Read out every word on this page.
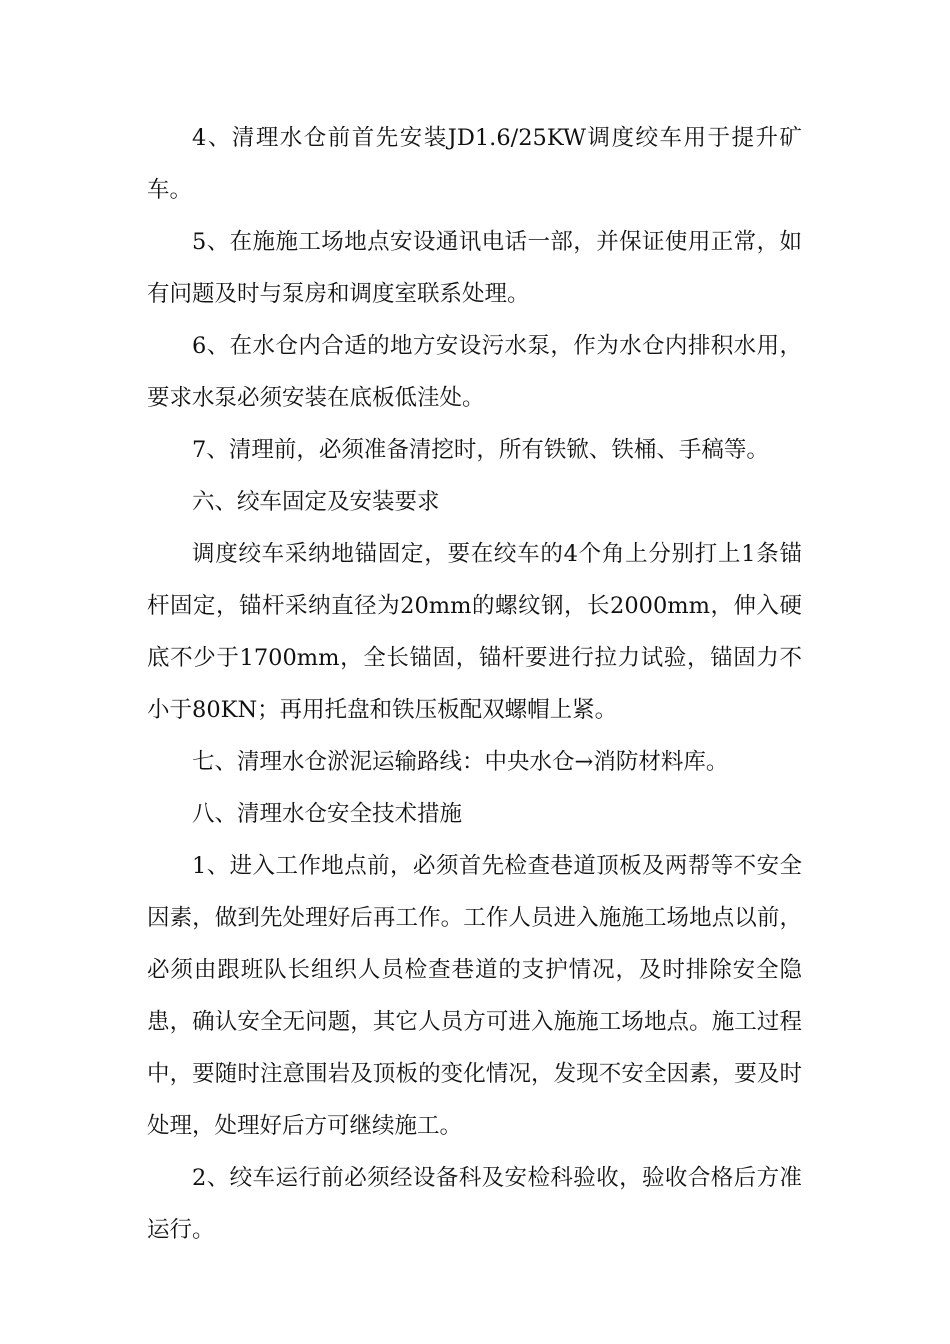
4、清理水仓前首先安装JD1.6/25KW调度绞车用于提升矿车。

5、在施施工场地点安设通讯电话一部，并保证使用正常，如有问题及时与泵房和调度室联系处理。

6、在水仓内合适的地方安设污水泵，作为水仓内排积水用，要求水泵必须安装在底板低洼处。

7、清理前，必须准备清挖时，所有铁锨、铁桶、手稿等。

六、绞车固定及安装要求

调度绞车采纳地锚固定，要在绞车的4个角上分别打上1条锚杆固定，锚杆采纳直径为20mm的螺纹钢，长2000mm，伸入硬底不少于1700mm，全长锚固，锚杆要进行拉力试验，锚固力不小于80KN；再用托盘和铁压板配双螺帽上紧。

七、清理水仓淤泥运输路线：中央水仓→消防材料库。

八、清理水仓安全技术措施

1、进入工作地点前，必须首先检查巷道顶板及两帮等不安全因素，做到先处理好后再工作。工作人员进入施施工场地点以前，必须由跟班队长组织人员检查巷道的支护情况，及时排除安全隐患，确认安全无问题，其它人员方可进入施施工场地点。施工过程中，要随时注意围岩及顶板的变化情况，发现不安全因素，要及时处理，处理好后方可继续施工。

2、绞车运行前必须经设备科及安检科验收，验收合格后方准运行。
